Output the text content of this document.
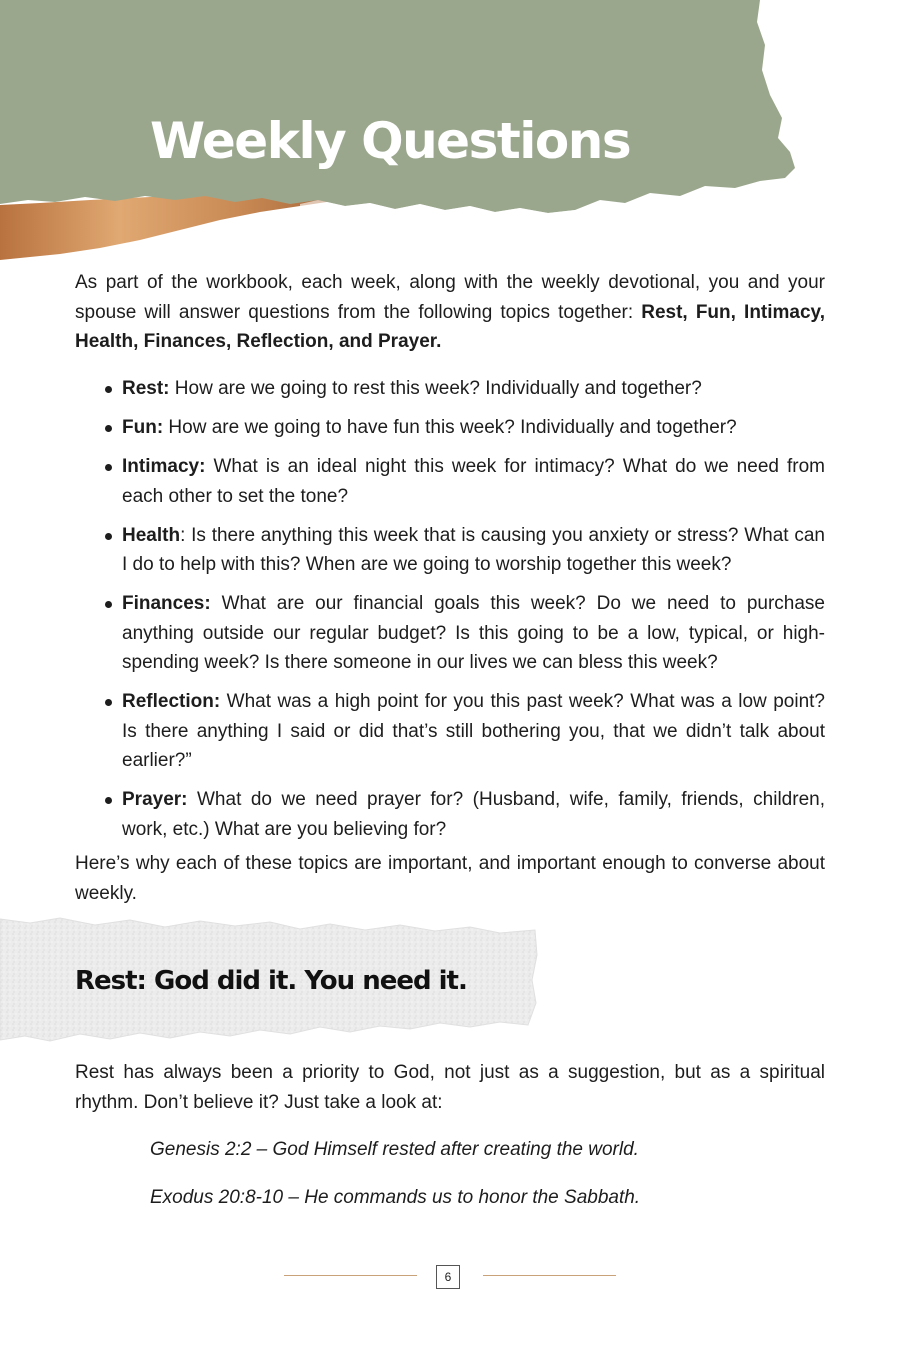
Weekly Questions

As part of the workbook, each week, along with the weekly devotional, you and your spouse will answer questions from the following topics together: Rest, Fun, Intimacy, Health, Finances, Reflection, and Prayer.

Rest: How are we going to rest this week? Individually and together?
Fun: How are we going to have fun this week? Individually and together?
Intimacy: What is an ideal night this week for intimacy? What do we need from each other to set the tone?
Health: Is there anything this week that is causing you anxiety or stress? What can I do to help with this? When are we going to worship together this week?
Finances: What are our financial goals this week? Do we need to purchase anything outside our regular budget? Is this going to be a low, typical, or high-spending week? Is there someone in our lives we can bless this week?
Reflection: What was a high point for you this past week? What was a low point? Is there anything I said or did that’s still bothering you, that we didn’t talk about earlier?”
Prayer: What do we need prayer for? (Husband, wife, family, friends, children, work, etc.) What are you believing for?

Here’s why each of these topics are important, and important enough to converse about weekly.

Rest: God did it. You need it.

Rest has always been a priority to God, not just as a suggestion, but as a spiritual rhythm. Don’t believe it? Just take a look at:

Genesis 2:2 – God Himself rested after creating the world.

Exodus 20:8-10 – He commands us to honor the Sabbath.

6
